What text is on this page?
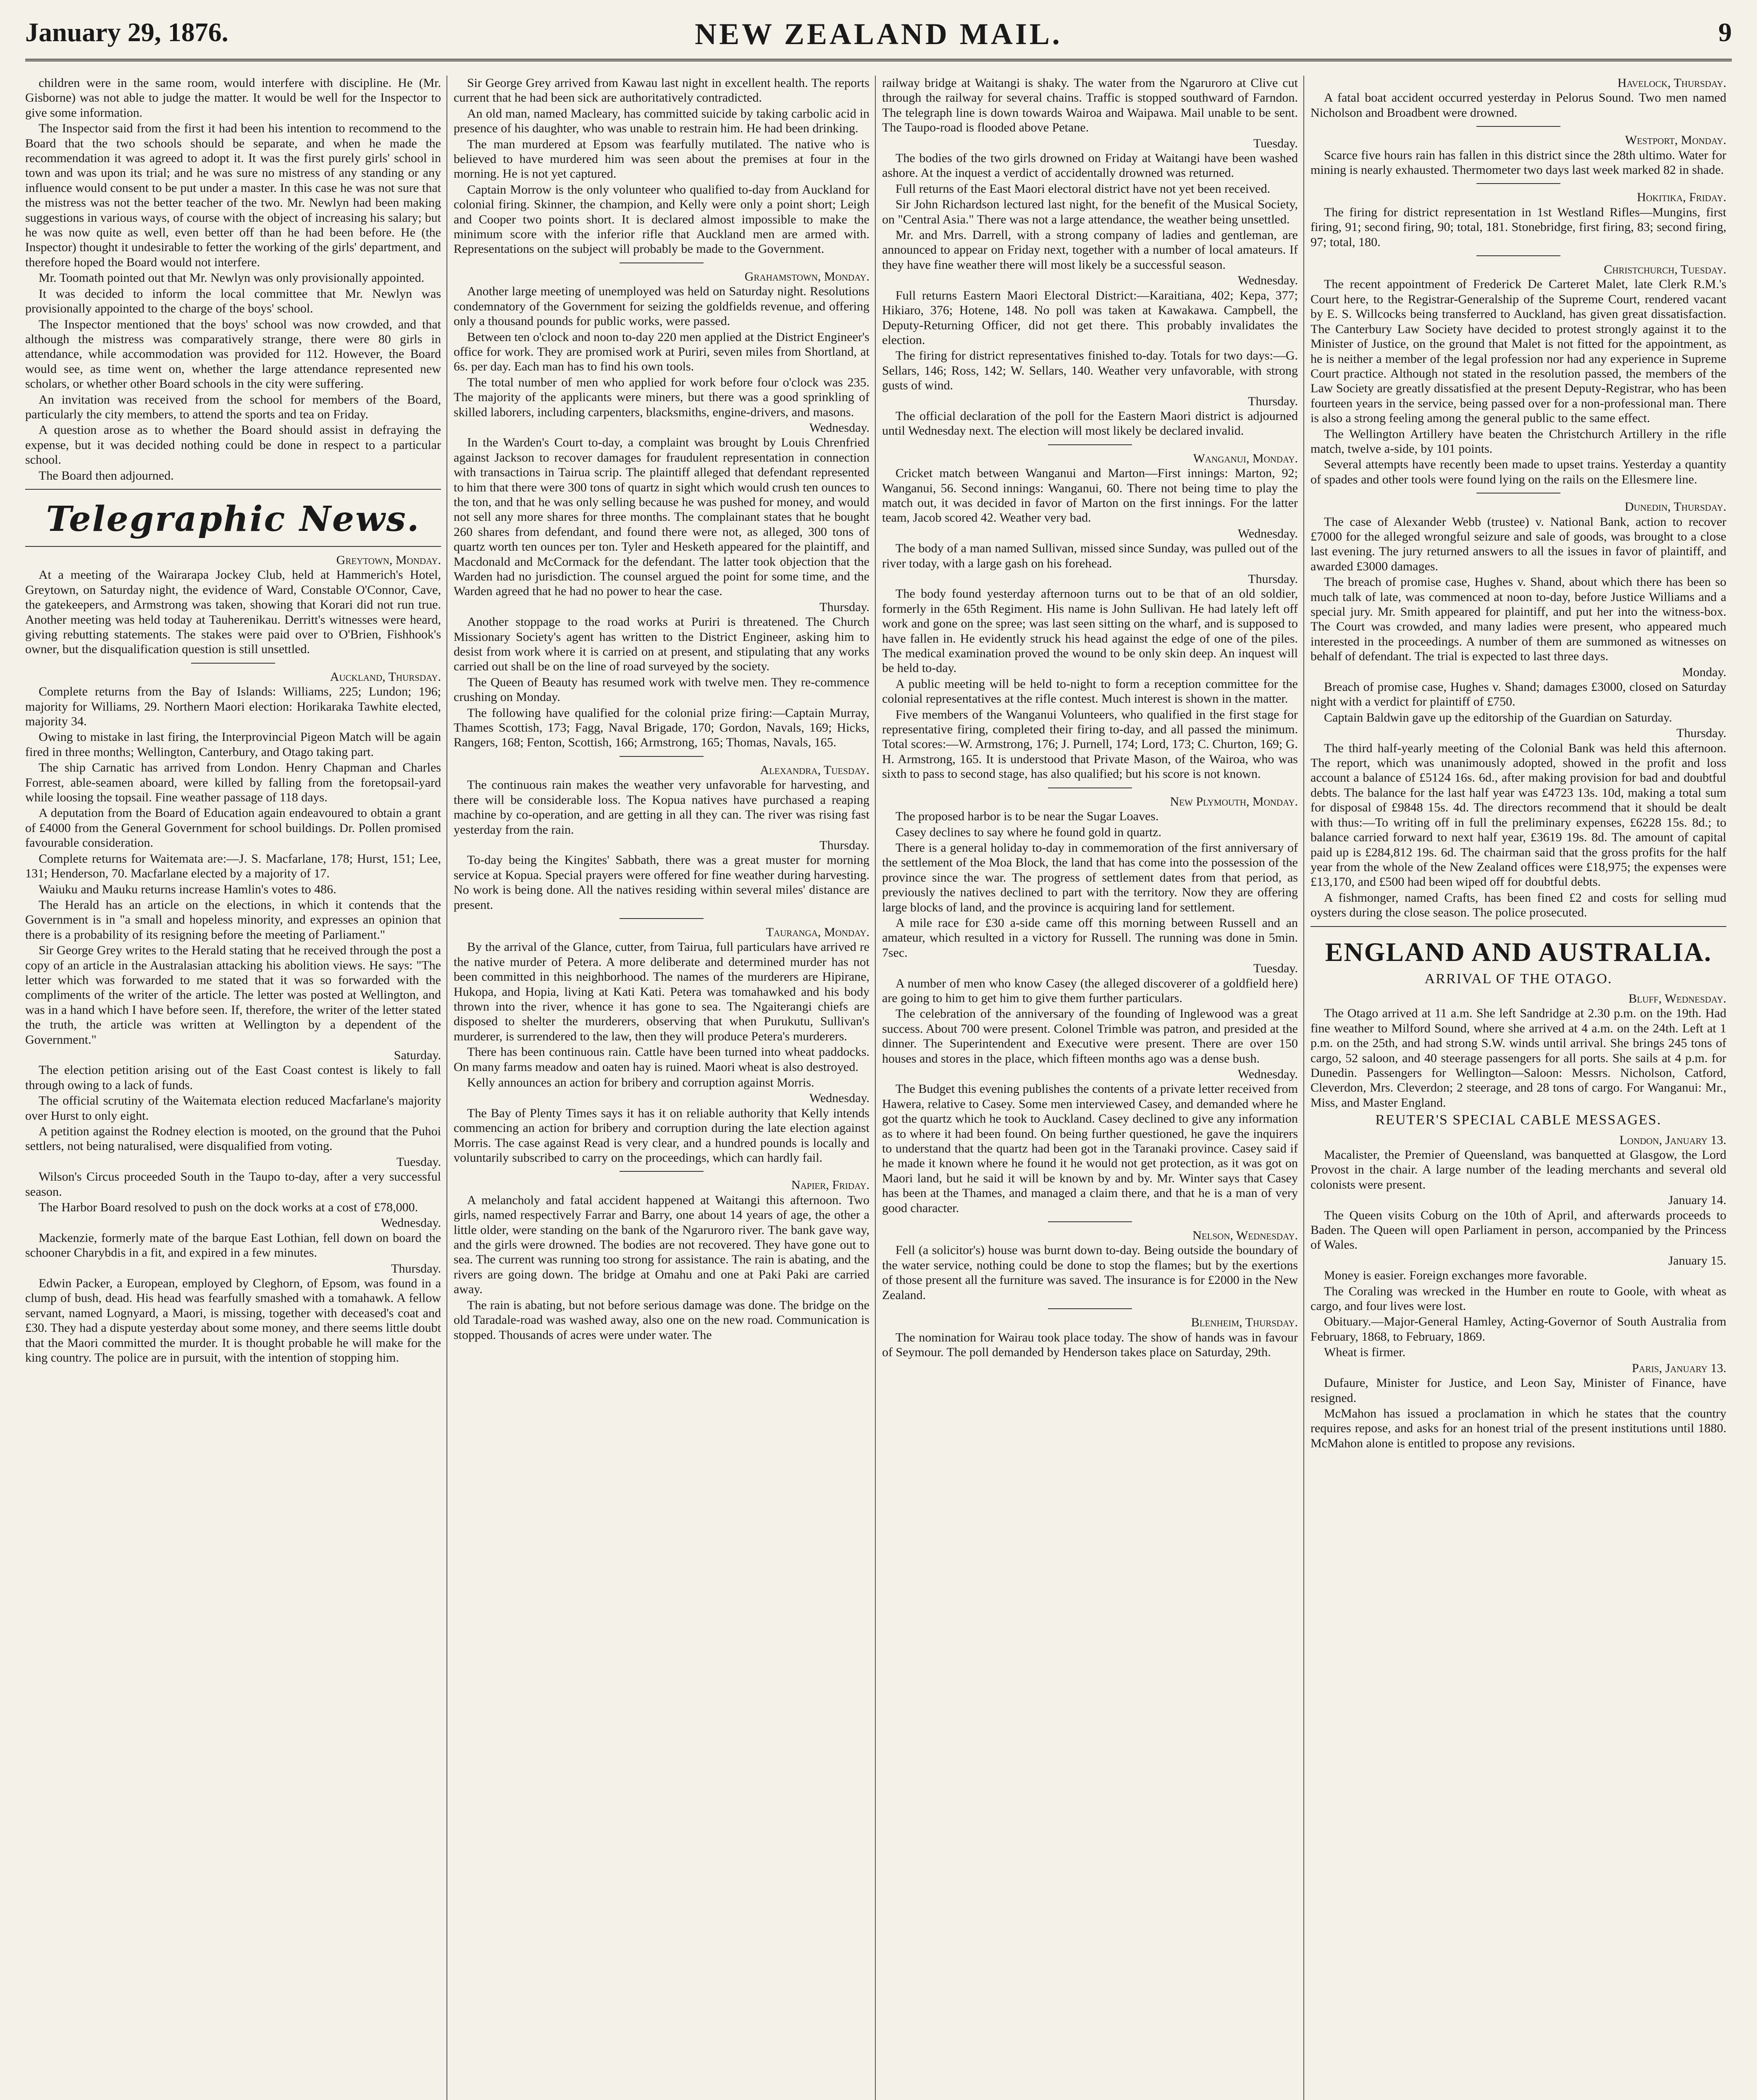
January 29, 1876.	NEW ZEALAND MAIL.	9

children were in the same room, would interfere with discipline. He (Mr. Gisborne) was not able to judge the matter. It would be well for the Inspector to give some information.

The Inspector said from the first it had been his intention to recommend to the Board that the two schools should be separate, and when he made the recommendation it was agreed to adopt it. It was the first purely girls' school in town and was upon its trial; and he was sure no mistress of any standing or any influence would consent to be put under a master. In this case he was not sure that the mistress was not the better teacher of the two. Mr. Newlyn had been making suggestions in various ways, of course with the object of increasing his salary; but he was now quite as well, even better off than he had been before. He (the Inspector) thought it undesirable to fetter the working of the girls' department, and therefore hoped the Board would not interfere.

Mr. Toomath pointed out that Mr. Newlyn was only provisionally appointed.

It was decided to inform the local committee that Mr. Newlyn was provisionally appointed to the charge of the boys' school.

The Inspector mentioned that the boys' school was now crowded, and that although the mistress was comparatively strange, there were 80 girls in attendance, while accommodation was provided for 112. However, the Board would see, as time went on, whether the large attendance represented new scholars, or whether other Board schools in the city were suffering.

An invitation was received from the school for members of the Board, particularly the city members, to attend the sports and tea on Friday.

A question arose as to whether the Board should assist in defraying the expense, but it was decided nothing could be done in respect to a particular school.

The Board then adjourned.

Telegraphic News.

Greytown, Monday.

At a meeting of the Wairarapa Jockey Club, held at Hammerich's Hotel, Greytown, on Saturday night, the evidence of Ward, Constable O'Connor, Cave, the gatekeepers, and Armstrong was taken, showing that Korari did not run true. Another meeting was held today at Tauherenikau. Derritt's witnesses were heard, giving rebutting statements. The stakes were paid over to O'Brien, Fishhook's owner, but the disqualification question is still unsettled.

Auckland, Thursday.

Complete returns from the Bay of Islands: Williams, 225; Lundon; 196; majority for Williams, 29. Northern Maori election: Horikaraka Tawhite elected, majority 34.

Owing to mistake in last firing, the Interprovincial Pigeon Match will be again fired in three months; Wellington, Canterbury, and Otago taking part.

The ship Carnatic has arrived from London. Henry Chapman and Charles Forrest, able-seamen aboard, were killed by falling from the foretopsail-yard while loosing the topsail. Fine weather passage of 118 days.

A deputation from the Board of Education again endeavoured to obtain a grant of £4000 from the General Government for school buildings. Dr. Pollen promised favourable consideration.

Complete returns for Waitemata are:—J. S. Macfarlane, 178; Hurst, 151; Lee, 131; Henderson, 70. Macfarlane elected by a majority of 17.

Waiuku and Mauku returns increase Hamlin's votes to 486.

The Herald has an article on the elections, in which it contends that the Government is in "a small and hopeless minority, and expresses an opinion that there is a probability of its resigning before the meeting of Parliament."

Sir George Grey writes to the Herald stating that he received through the post a copy of an article in the Australasian attacking his abolition views. He says: "The letter which was forwarded to me stated that it was so forwarded with the compliments of the writer of the article. The letter was posted at Wellington, and was in a hand which I have before seen. If, therefore, the writer of the letter stated the truth, the article was written at Wellington by a dependent of the Government."

Saturday.

The election petition arising out of the East Coast contest is likely to fall through owing to a lack of funds.

The official scrutiny of the Waitemata election reduced Macfarlane's majority over Hurst to only eight.

A petition against the Rodney election is mooted, on the ground that the Puhoi settlers, not being naturalised, were disqualified from voting.

Tuesday.

Wilson's Circus proceeded South in the Taupo to-day, after a very successful season.

The Harbor Board resolved to push on the dock works at a cost of £78,000.

Wednesday.

Mackenzie, formerly mate of the barque East Lothian, fell down on board the schooner Charybdis in a fit, and expired in a few minutes.

Thursday.

Edwin Packer, a European, employed by Cleghorn, of Epsom, was found in a clump of bush, dead. His head was fearfully smashed with a tomahawk. A fellow servant, named Lognyard, a Maori, is missing, together with deceased's coat and £30. They had a dispute yesterday about some money, and there seems little doubt that the Maori committed the murder. It is thought probable he will make for the king country. The police are in pursuit, with the intention of stopping him.

Sir George Grey arrived from Kawau last night in excellent health. The reports current that he had been sick are authoritatively contradicted.

An old man, named Macleary, has committed suicide by taking carbolic acid in presence of his daughter, who was unable to restrain him. He had been drinking.

The man murdered at Epsom was fearfully mutilated. The native who is believed to have murdered him was seen about the premises at four in the morning. He is not yet captured.

Captain Morrow is the only volunteer who qualified to-day from Auckland for colonial firing. Skinner, the champion, and Kelly were only a point short; Leigh and Cooper two points short. It is declared almost impossible to make the minimum score with the inferior rifle that Auckland men are armed with. Representations on the subject will probably be made to the Government.

Grahamstown, Monday.

Another large meeting of unemployed was held on Saturday night. Resolutions condemnatory of the Government for seizing the goldfields revenue, and offering only a thousand pounds for public works, were passed.

Between ten o'clock and noon to-day 220 men applied at the District Engineer's office for work. They are promised work at Puriri, seven miles from Shortland, at 6s. per day. Each man has to find his own tools.

The total number of men who applied for work before four o'clock was 235. The majority of the applicants were miners, but there was a good sprinkling of skilled laborers, including carpenters, blacksmiths, engine-drivers, and masons.

Wednesday.

In the Warden's Court to-day, a complaint was brought by Louis Chrenfried against Jackson to recover damages for fraudulent representation in connection with transactions in Tairua scrip. The plaintiff alleged that defendant represented to him that there were 300 tons of quartz in sight which would crush ten ounces to the ton, and that he was only selling because he was pushed for money, and would not sell any more shares for three months. The complainant states that he bought 260 shares from defendant, and found there were not, as alleged, 300 tons of quartz worth ten ounces per ton. Tyler and Hesketh appeared for the plaintiff, and Macdonald and McCormack for the defendant. The latter took objection that the Warden had no jurisdiction. The counsel argued the point for some time, and the Warden agreed that he had no power to hear the case.

Thursday.

Another stoppage to the road works at Puriri is threatened. The Church Missionary Society's agent has written to the District Engineer, asking him to desist from work where it is carried on at present, and stipulating that any works carried out shall be on the line of road surveyed by the society.

The Queen of Beauty has resumed work with twelve men. They re-commence crushing on Monday.

The following have qualified for the colonial prize firing:—Captain Murray, Thames Scottish, 173; Fagg, Naval Brigade, 170; Gordon, Navals, 169; Hicks, Rangers, 168; Fenton, Scottish, 166; Armstrong, 165; Thomas, Navals, 165.

Alexandra, Tuesday.

The continuous rain makes the weather very unfavorable for harvesting, and there will be considerable loss. The Kopua natives have purchased a reaping machine by co-operation, and are getting in all they can. The river was rising fast yesterday from the rain.

Thursday.

To-day being the Kingites' Sabbath, there was a great muster for morning service at Kopua. Special prayers were offered for fine weather during harvesting. No work is being done. All the natives residing within several miles' distance are present.

Tauranga, Monday.

By the arrival of the Glance, cutter, from Tairua, full particulars have arrived re the native murder of Petera. A more deliberate and determined murder has not been committed in this neighborhood. The names of the murderers are Hipirane, Hukopa, and Hopia, living at Kati Kati. Petera was tomahawked and his body thrown into the river, whence it has gone to sea. The Ngaiterangi chiefs are disposed to shelter the murderers, observing that when Purukutu, Sullivan's murderer, is surrendered to the law, then they will produce Petera's murderers.

There has been continuous rain. Cattle have been turned into wheat paddocks. On many farms meadow and oaten hay is ruined. Maori wheat is also destroyed.

Kelly announces an action for bribery and corruption against Morris.

Wednesday.

The Bay of Plenty Times says it has it on reliable authority that Kelly intends commencing an action for bribery and corruption during the late election against Morris. The case against Read is very clear, and a hundred pounds is locally and voluntarily subscribed to carry on the proceedings, which can hardly fail.

Napier, Friday.

A melancholy and fatal accident happened at Waitangi this afternoon. Two girls, named respectively Farrar and Barry, one about 14 years of age, the other a little older, were standing on the bank of the Ngaruroro river. The bank gave way, and the girls were drowned. The bodies are not recovered. They have gone out to sea. The current was running too strong for assistance. The rain is abating, and the rivers are going down. The bridge at Omahu and one at Paki Paki are carried away.

The rain is abating, but not before serious damage was done. The bridge on the old Taradale-road was washed away, also one on the new road. Communication is stopped. Thousands of acres were under water. The

railway bridge at Waitangi is shaky. The water from the Ngaruroro at Clive cut through the railway for several chains. Traffic is stopped southward of Farndon. The telegraph line is down towards Wairoa and Waipawa. Mail unable to be sent. The Taupo-road is flooded above Petane.

Tuesday.

The bodies of the two girls drowned on Friday at Waitangi have been washed ashore. At the inquest a verdict of accidentally drowned was returned.

Full returns of the East Maori electoral district have not yet been received.

Sir John Richardson lectured last night, for the benefit of the Musical Society, on "Central Asia." There was not a large attendance, the weather being unsettled.

Mr. and Mrs. Darrell, with a strong company of ladies and gentleman, are announced to appear on Friday next, together with a number of local amateurs. If they have fine weather there will most likely be a successful season.

Wednesday.

Full returns Eastern Maori Electoral District:—Karaitiana, 402; Kepa, 377; Hikiaro, 376; Hotene, 148. No poll was taken at Kawakawa. Campbell, the Deputy-Returning Officer, did not get there. This probably invalidates the election.

The firing for district representatives finished to-day. Totals for two days:—G. Sellars, 146; Ross, 142; W. Sellars, 140. Weather very unfavorable, with strong gusts of wind.

Thursday.

The official declaration of the poll for the Eastern Maori district is adjourned until Wednesday next. The election will most likely be declared invalid.

Wanganui, Monday.

Cricket match between Wanganui and Marton—First innings: Marton, 92; Wanganui, 56. Second innings: Wanganui, 60. There not being time to play the match out, it was decided in favor of Marton on the first innings. For the latter team, Jacob scored 42. Weather very bad.

Wednesday.

The body of a man named Sullivan, missed since Sunday, was pulled out of the river today, with a large gash on his forehead.

Thursday.

The body found yesterday afternoon turns out to be that of an old soldier, formerly in the 65th Regiment. His name is John Sullivan. He had lately left off work and gone on the spree; was last seen sitting on the wharf, and is supposed to have fallen in. He evidently struck his head against the edge of one of the piles. The medical examination proved the wound to be only skin deep. An inquest will be held to-day.

A public meeting will be held to-night to form a reception committee for the colonial representatives at the rifle contest. Much interest is shown in the matter.

Five members of the Wanganui Volunteers, who qualified in the first stage for representative firing, completed their firing to-day, and all passed the minimum. Total scores:—W. Armstrong, 176; J. Purnell, 174; Lord, 173; C. Churton, 169; G. H. Armstrong, 165. It is understood that Private Mason, of the Wairoa, who was sixth to pass to second stage, has also qualified; but his score is not known.

New Plymouth, Monday.

The proposed harbor is to be near the Sugar Loaves.

Casey declines to say where he found gold in quartz.

There is a general holiday to-day in commemoration of the first anniversary of the settlement of the Moa Block, the land that has come into the possession of the province since the war. The progress of settlement dates from that period, as previously the natives declined to part with the territory. Now they are offering large blocks of land, and the province is acquiring land for settlement.

A mile race for £30 a-side came off this morning between Russell and an amateur, which resulted in a victory for Russell. The running was done in 5min. 7sec.

Tuesday.

A number of men who know Casey (the alleged discoverer of a goldfield here) are going to him to get him to give them further particulars.

The celebration of the anniversary of the founding of Inglewood was a great success. About 700 were present. Colonel Trimble was patron, and presided at the dinner. The Superintendent and Executive were present. There are over 150 houses and stores in the place, which fifteen months ago was a dense bush.

Wednesday.

The Budget this evening publishes the contents of a private letter received from Hawera, relative to Casey. Some men interviewed Casey, and demanded where he got the quartz which he took to Auckland. Casey declined to give any information as to where it had been found. On being further questioned, he gave the inquirers to understand that the quartz had been got in the Taranaki province. Casey said if he made it known where he found it he would not get protection, as it was got on Maori land, but he said it will be known by and by. Mr. Winter says that Casey has been at the Thames, and managed a claim there, and that he is a man of very good character.

Nelson, Wednesday.

Fell (a solicitor's) house was burnt down to-day. Being outside the boundary of the water service, nothing could be done to stop the flames; but by the exertions of those present all the furniture was saved. The insurance is for £2000 in the New Zealand.

Blenheim, Thursday.

The nomination for Wairau took place today. The show of hands was in favour of Seymour. The poll demanded by Henderson takes place on Saturday, 29th.

Havelock, Thursday.

A fatal boat accident occurred yesterday in Pelorus Sound. Two men named Nicholson and Broadbent were drowned.

Westport, Monday.

Scarce five hours rain has fallen in this district since the 28th ultimo. Water for mining is nearly exhausted. Thermometer two days last week marked 82 in shade.

Hokitika, Friday.

The firing for district representation in 1st Westland Rifles—Mungins, first firing, 91; second firing, 90; total, 181. Stonebridge, first firing, 83; second firing, 97; total, 180.

Christchurch, Tuesday.

The recent appointment of Frederick De Carteret Malet, late Clerk R.M.'s Court here, to the Registrar-Generalship of the Supreme Court, rendered vacant by E. S. Willcocks being transferred to Auckland, has given great dissatisfaction. The Canterbury Law Society have decided to protest strongly against it to the Minister of Justice, on the ground that Malet is not fitted for the appointment, as he is neither a member of the legal profession nor had any experience in Supreme Court practice. Although not stated in the resolution passed, the members of the Law Society are greatly dissatisfied at the present Deputy-Registrar, who has been fourteen years in the service, being passed over for a non-professional man. There is also a strong feeling among the general public to the same effect.

The Wellington Artillery have beaten the Christchurch Artillery in the rifle match, twelve a-side, by 101 points.

Several attempts have recently been made to upset trains. Yesterday a quantity of spades and other tools were found lying on the rails on the Ellesmere line.

Dunedin, Thursday.

The case of Alexander Webb (trustee) v. National Bank, action to recover £7000 for the alleged wrongful seizure and sale of goods, was brought to a close last evening. The jury returned answers to all the issues in favor of plaintiff, and awarded £3000 damages.

The breach of promise case, Hughes v. Shand, about which there has been so much talk of late, was commenced at noon to-day, before Justice Williams and a special jury. Mr. Smith appeared for plaintiff, and put her into the witness-box. The Court was crowded, and many ladies were present, who appeared much interested in the proceedings. A number of them are summoned as witnesses on behalf of defendant. The trial is expected to last three days.

Monday.

Breach of promise case, Hughes v. Shand; damages £3000, closed on Saturday night with a verdict for plaintiff of £750.

Captain Baldwin gave up the editorship of the Guardian on Saturday.

Thursday.

The third half-yearly meeting of the Colonial Bank was held this afternoon. The report, which was unanimously adopted, showed in the profit and loss account a balance of £5124 16s. 6d., after making provision for bad and doubtful debts. The balance for the last half year was £4723 13s. 10d, making a total sum for disposal of £9848 15s. 4d. The directors recommend that it should be dealt with thus:—To writing off in full the preliminary expenses, £6228 15s. 8d.; to balance carried forward to next half year, £3619 19s. 8d. The amount of capital paid up is £284,812 19s. 6d. The chairman said that the gross profits for the half year from the whole of the New Zealand offices were £18,975; the expenses were £13,170, and £500 had been wiped off for doubtful debts.

A fishmonger, named Crafts, has been fined £2 and costs for selling mud oysters during the close season. The police prosecuted.

ENGLAND AND AUSTRALIA.
ARRIVAL OF THE OTAGO.

Bluff, Wednesday.

The Otago arrived at 11 a.m. She left Sandridge at 2.30 p.m. on the 19th. Had fine weather to Milford Sound, where she arrived at 4 a.m. on the 24th. Left at 1 p.m. on the 25th, and had strong S.W. winds until arrival. She brings 245 tons of cargo, 52 saloon, and 40 steerage passengers for all ports. She sails at 4 p.m. for Dunedin. Passengers for Wellington—Saloon: Messrs. Nicholson, Catford, Cleverdon, Mrs. Cleverdon; 2 steerage, and 28 tons of cargo. For Wanganui: Mr., Miss, and Master England.

REUTER'S SPECIAL CABLE MESSAGES.

London, January 13.

Macalister, the Premier of Queensland, was banquetted at Glasgow, the Lord Provost in the chair. A large number of the leading merchants and several old colonists were present.

January 14.

The Queen visits Coburg on the 10th of April, and afterwards proceeds to Baden. The Queen will open Parliament in person, accompanied by the Princess of Wales.

January 15.

Money is easier. Foreign exchanges more favorable.

The Coraling was wrecked in the Humber en route to Goole, with wheat as cargo, and four lives were lost.

Obituary.—Major-General Hamley, Acting-Governor of South Australia from February, 1868, to February, 1869.

Wheat is firmer.

Paris, January 13.

Dufaure, Minister for Justice, and Leon Say, Minister of Finance, have resigned.

McMahon has issued a proclamation in which he states that the country requires repose, and asks for an honest trial of the present institutions until 1880. McMahon alone is entitled to propose any revisions.
